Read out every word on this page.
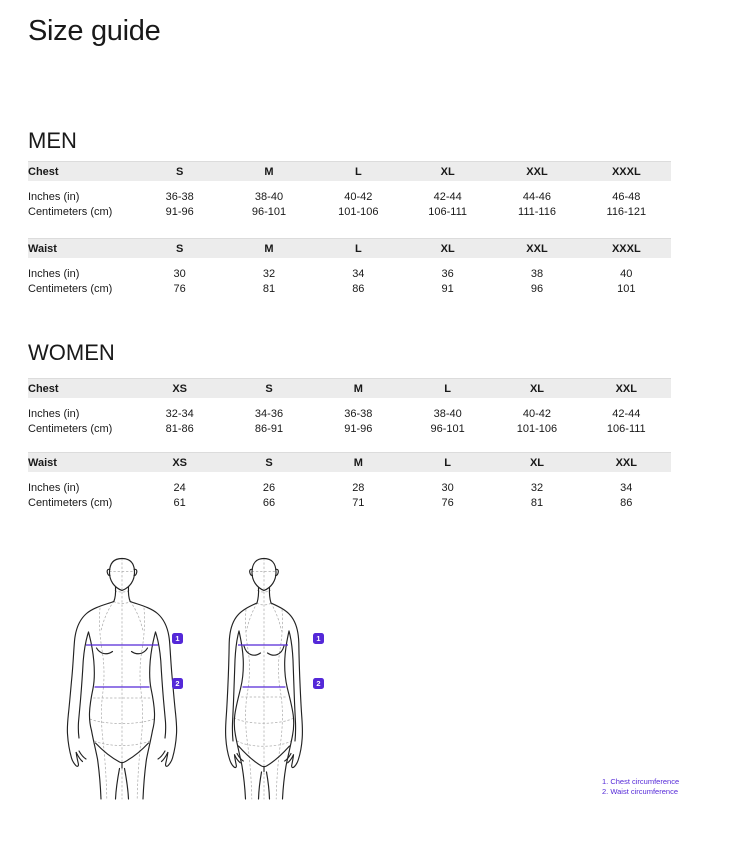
Size guide
MEN
Chest	S	M	L	XL	XXL	XXXL
Inches (in)	36-38	38-40	40-42	42-44	44-46	46-48
Centimeters (cm)	91-96	96-101	101-106	106-111	111-116	116-121
Waist	S	M	L	XL	XXL	XXXL
Inches (in)	30	32	34	36	38	40
Centimeters (cm)	76	81	86	91	96	101
WOMEN
Chest	XS	S	M	L	XL	XXL
Inches (in)	32-34	34-36	36-38	38-40	40-42	42-44
Centimeters (cm)	81-86	86-91	91-96	96-101	101-106	106-111
Waist	XS	S	M	L	XL	XXL
Inches (in)	24	26	28	30	32	34
Centimeters (cm)	61	66	71	76	81	86
1
2
1
2
1. Chest circumference
2. Waist circumference
